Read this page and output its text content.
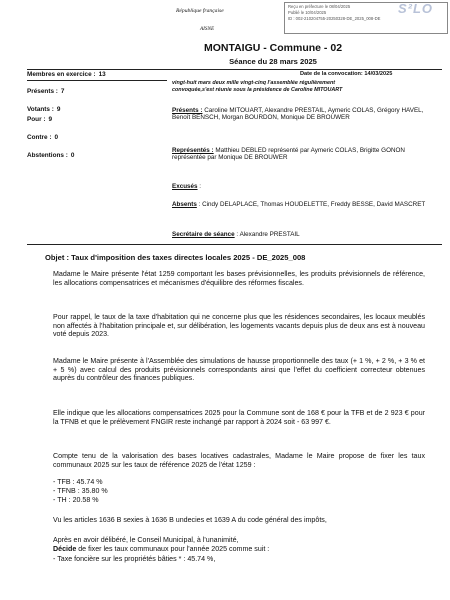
Reçu en préfecture le 08/04/2025
Publié le 10/04/2025
ID : 002-210204755-20250328-DE_2025_008-DE
S²LO
République française
AISNE
MONTAIGU - Commune - 02
Séance du 28 mars 2025
Membres en exercice : 13
Présents : 7
Votants : 9
Pour : 9
Contre : 0
Abstentions : 0
Date de la convocation: 14/03/2025
vingt-huit mars deux mille vingt-cinq l'assemblée régulièrement
convoquée,s'est réunie sous la présidence de Caroline MITOUART
Présents : Caroline MITOUART, Alexandre PRESTAIL, Aymeric COLAS, Grégory HAVEL, Benoît BENSCH, Morgan BOURDON, Monique DE BROUWER
Représentés : Matthieu DEBLED représenté par Aymeric COLAS, Brigitte GONON représentée par Monique DE BROUWER
Excusés :
Absents : Cindy DELAPLACE, Thomas HOUDELETTE, Freddy BESSE, David MASCRET
Secrétaire de séance : Alexandre PRESTAIL
Objet : Taux d'imposition des taxes directes locales 2025 - DE_2025_008
Madame le Maire présente l'état 1259 comportant les bases prévisionnelles, les produits prévisionnels de référence, les allocations compensatrices et mécanismes d'équilibre des réformes fiscales.
Pour rappel, le taux de la taxe d'habitation qui ne concerne plus que les résidences secondaires, les locaux meublés non affectés à l'habitation principale et, sur délibération, les logements vacants depuis plus de deux ans est à nouveau voté depuis 2023.
Madame le Maire présente à l'Assemblée des simulations de hausse proportionnelle des taux (+ 1 %, + 2 %, + 3 % et + 5 %) avec calcul des produits prévisionnels correspondants ainsi que l'effet du coefficient correcteur obtenues auprès du contrôleur des finances publiques.
Elle indique que les allocations compensatrices 2025 pour la Commune sont de 168 € pour la TFB et de 2 923 € pour la TFNB et que le prélèvement FNGIR reste inchangé par rapport à 2024 soit - 63 997 €.
Compte tenu de la valorisation des bases locatives cadastrales, Madame le Maire propose de fixer les taux communaux 2025 sur les taux de référence 2025 de l'état 1259 :
- TFB : 45.74 %
- TFNB : 35.80 %
- TH : 20.58 %
Vu les articles 1636 B sexies à 1636 B undecies et 1639 A du code général des impôts,
Après en avoir délibéré, le Conseil Municipal, à l'unanimité,
Décide de fixer les taux communaux pour l'année 2025 comme suit :
- Taxe foncière sur les propriétés bâties * : 45.74 %,
